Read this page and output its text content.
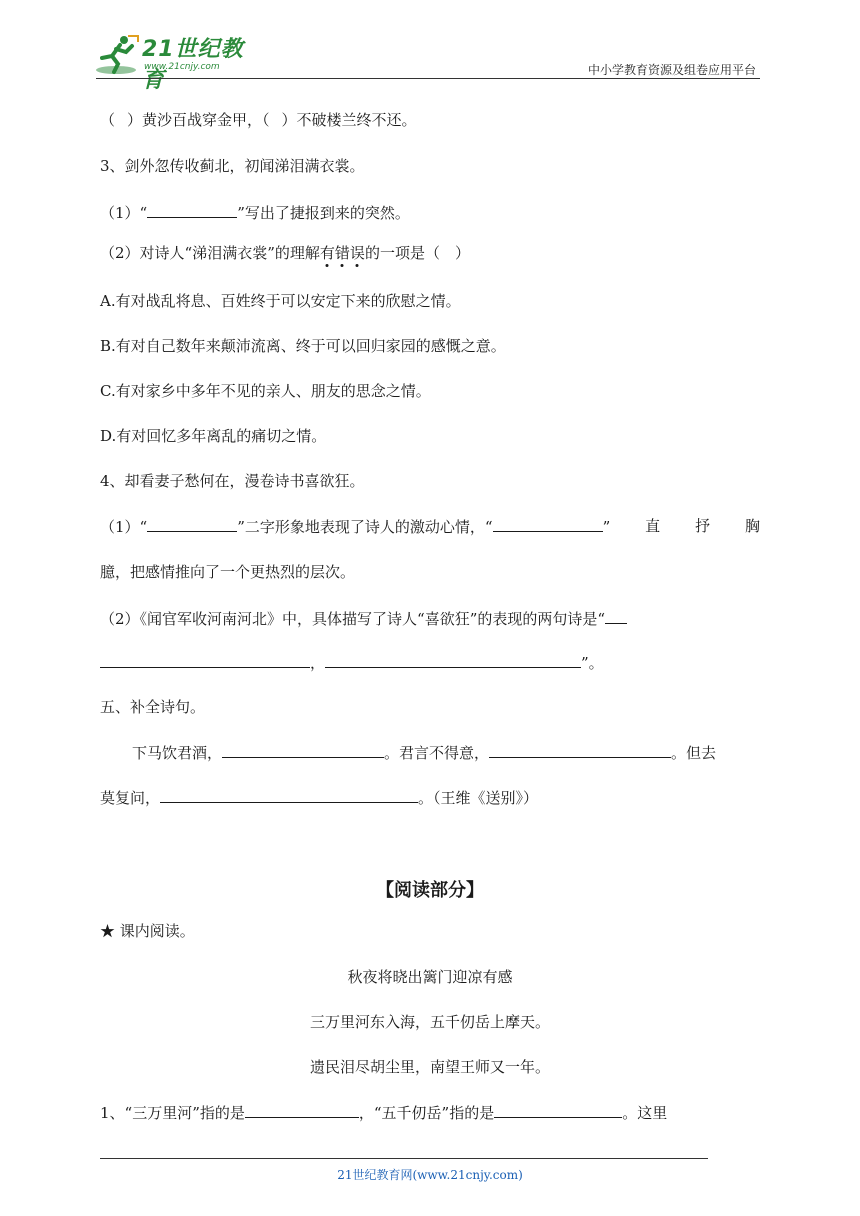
21世纪教育
www.21cnjy.com	中小学教育资源及组卷应用平台
（ ）黄沙百战穿金甲，（ ）不破楼兰终不还。
3、剑外忽传收蓟北，初闻涕泪满衣裳。
（1）“	”写出了捷报到来的突然。
（2）对诗人“涕泪满衣裳”的理解有错误的一项是（　）
A.有对战乱将息、百姓终于可以安定下来的欣慰之情。
B.有对自己数年来颠沛流离、终于可以回归家园的感慨之意。
C.有对家乡中多年不见的亲人、朋友的思念之情。
D.有对回忆多年离乱的痛切之情。
4、却看妻子愁何在，漫卷诗书喜欲狂。
（1）“	”二字形象地表现了诗人的激动心情，“	” 直 抒 胸
臆，把感情推向了一个更热烈的层次。
（2）《闻官军收河南河北》中，具体描写了诗人“喜欲狂”的表现的两句诗是“
，	”。
五、补全诗句。
下马饮君酒，	。君言不得意，	。但去
莫复问，	。（王维《送别》）
【阅读部分】
★ 课内阅读。
秋夜将晓出篱门迎凉有感
三万里河东入海，五千仞岳上摩天。
遗民泪尽胡尘里，南望王师又一年。
1、“三万里河”指的是	，“五千仞岳”指的是	。这里
21世纪教育网(www.21cnjy.com)
